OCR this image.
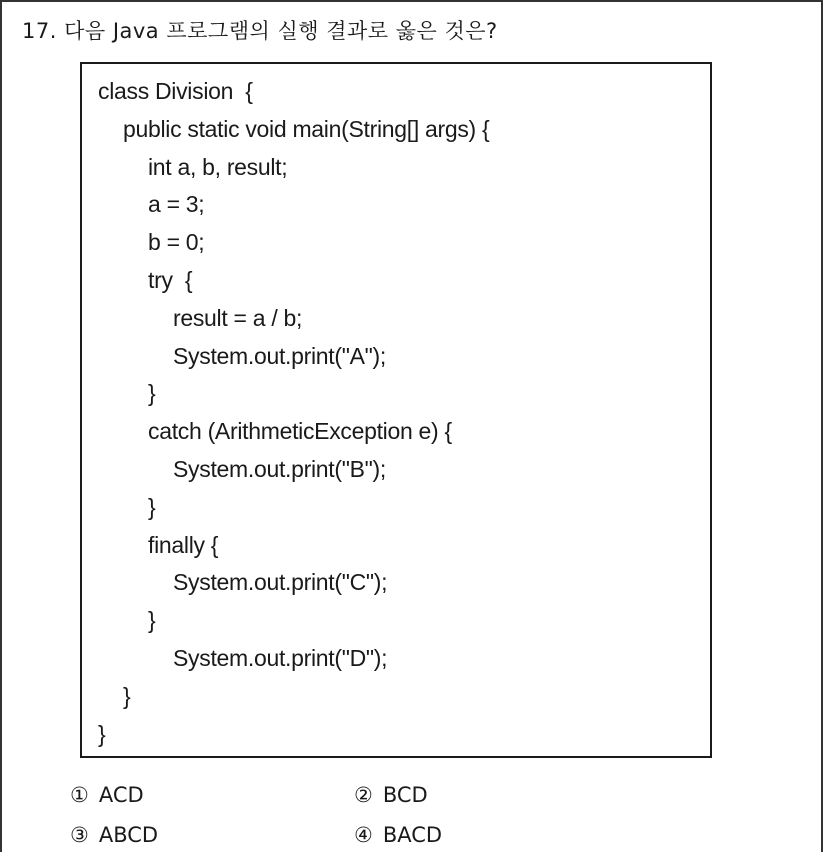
17. 다음 Java 프로그램의 실행 결과로 옳은 것은?
class Division  {
public static void main(String[] args) {
int a, b, result;
a = 3;
b = 0;
try  {
result = a / b;
System.out.print("A");
}
catch (ArithmeticException e) {
System.out.print("B");
}
finally {
System.out.print("C");
}
System.out.print("D");
}
}
① ACD	② BCD
③ ABCD	④ BACD
